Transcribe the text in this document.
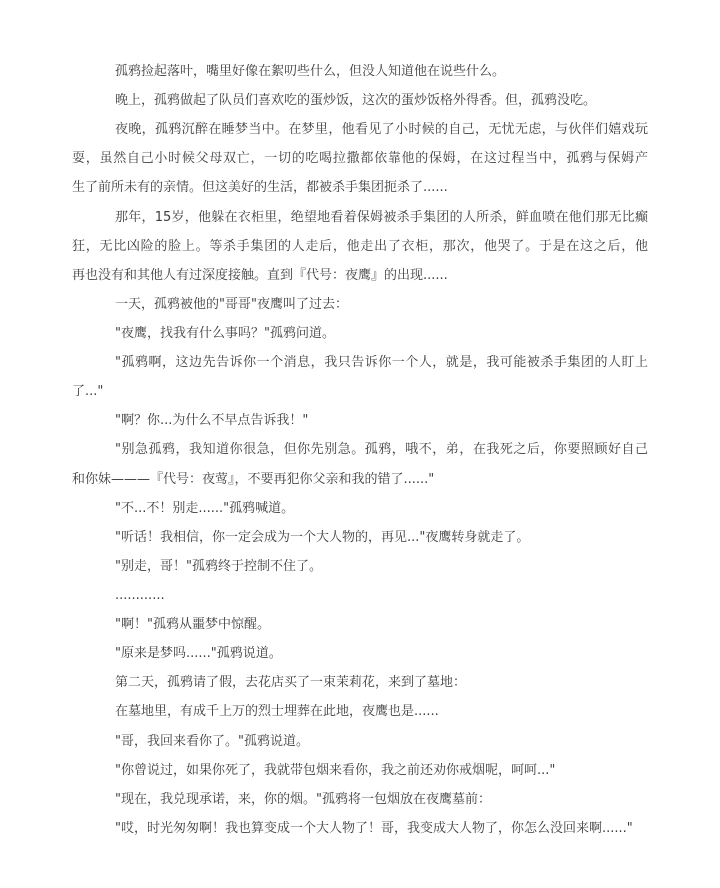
孤鸦捡起落叶，嘴里好像在絮叨些什么，但没人知道他在说些什么。
晚上，孤鸦做起了队员们喜欢吃的蛋炒饭，这次的蛋炒饭格外得香。但，孤鸦没吃。
夜晚，孤鸦沉醉在睡梦当中。在梦里，他看见了小时候的自己，无忧无虑，与伙伴们嬉戏玩
耍，虽然自己小时候父母双亡，一切的吃喝拉撒都依靠他的保姆，在这过程当中，孤鸦与保姆产
生了前所未有的亲情。但这美好的生活，都被杀手集团扼杀了......
那年，15岁，他躲在衣柜里，绝望地看着保姆被杀手集团的人所杀，鲜血喷在他们那无比癫
狂，无比凶险的脸上。等杀手集团的人走后，他走出了衣柜，那次，他哭了。于是在这之后，他
再也没有和其他人有过深度接触。直到『代号：夜鹰』的出现......
一天，孤鸦被他的"哥哥"夜鹰叫了过去：
"夜鹰，找我有什么事吗？"孤鸦问道。
"孤鸦啊，这边先告诉你一个消息，我只告诉你一个人，就是，我可能被杀手集团的人盯上
了..."
"啊？你...为什么不早点告诉我！"
"别急孤鸦，我知道你很急，但你先别急。孤鸦，哦不，弟，在我死之后，你要照顾好自己
和你妹———『代号：夜莺』，不要再犯你父亲和我的错了......"
"不...不！别走......"孤鸦喊道。
"听话！我相信，你一定会成为一个大人物的，再见..."夜鹰转身就走了。
"别走，哥！"孤鸦终于控制不住了。
............
"啊！"孤鸦从噩梦中惊醒。
"原来是梦吗......"孤鸦说道。
第二天，孤鸦请了假，去花店买了一束茉莉花，来到了墓地：
在墓地里，有成千上万的烈士埋葬在此地，夜鹰也是......
"哥，我回来看你了。"孤鸦说道。
"你曾说过，如果你死了，我就带包烟来看你，我之前还劝你戒烟呢，呵呵..."
"现在，我兑现承诺，来，你的烟。"孤鸦将一包烟放在夜鹰墓前：
"哎，时光匆匆啊！我也算变成一个大人物了！哥，我变成大人物了，你怎么没回来啊......"
